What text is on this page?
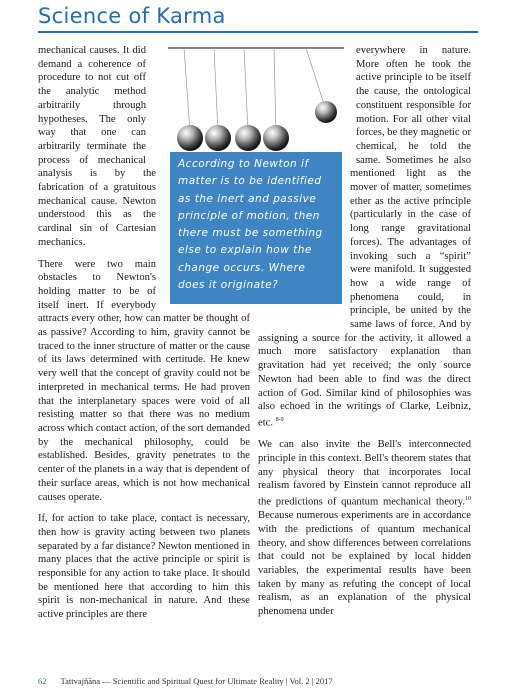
Science of Karma

mechanical causes. It did demand a coherence of procedure to not cut off the analytic method arbitrarily through hypotheses. The only way that one can arbitrarily terminate the process of mechanical analysis is by the fabrication of a gratuitous mechanical cause. Newton understood this as the cardinal sin of Cartesian mechanics.

There were two main obstacles to Newton's holding matter to be of itself inert. If everybody attracts every other, how can matter be thought of as passive? According to him, gravity cannot be traced to the inner structure of matter or the cause of its laws determined with certitude. He knew very well that the concept of gravity could not be interpreted in mechanical terms. He had proven that the interplanetary spaces were void of all resisting matter so that there was no medium across which contact action, of the sort demanded by the mechanical philosophy, could be established. Besides, gravity penetrates to the center of the planets in a way that is dependent of their surface areas, which is not how mechanical causes operate.

If, for action to take place, contact is necessary, then how is gravity acting between two planets separated by a far distance? Newton mentioned in many places that the active principle or spirit is responsible for any action to take place. It should be mentioned here that according to him this spirit is non-mechanical in nature. And these active principles are there

everywhere in nature. More often he took the active principle to be itself the cause, the ontological constituent responsible for motion. For all other vital forces, be they magnetic or chemical, he told the same. Sometimes he also mentioned light as the mover of matter, sometimes ether as the active principle (particularly in the case of long range gravitational forces). The advantages of invoking such a “spirit” were manifold. It suggested how a wide range of phenomena could, in principle, be united by the same laws of force. And by assigning a source for the activity, it allowed a much more satisfactory explanation than gravitation had yet received; the only source Newton had been able to find was the direct action of God. Similar kind of philosophies was also echoed in the writings of Clarke, Leibniz, etc. $^{8-9}$

We can also invite the Bell's interconnected principle in this context. Bell's theorem states that any physical theory that incorporates local realism favored by Einstein cannot reproduce all the predictions of quantum mechanical theory.$^{10}$ Because numerous experiments are in accordance with the predictions of quantum mechanical theory, and show differences between correlations that could not be explained by local hidden variables, the experimental results have been taken by many as refuting the concept of local realism, as an explanation of the physical phenomena under

According to Newton if matter is to be identified as the inert and passive principle of motion, then there must be something else to explain how the change occurs. Where does it originate?
62 Tattvajñāna — Scientific and Spiritual Quest for Ultimate Reality | Vol. 2 | 2017
